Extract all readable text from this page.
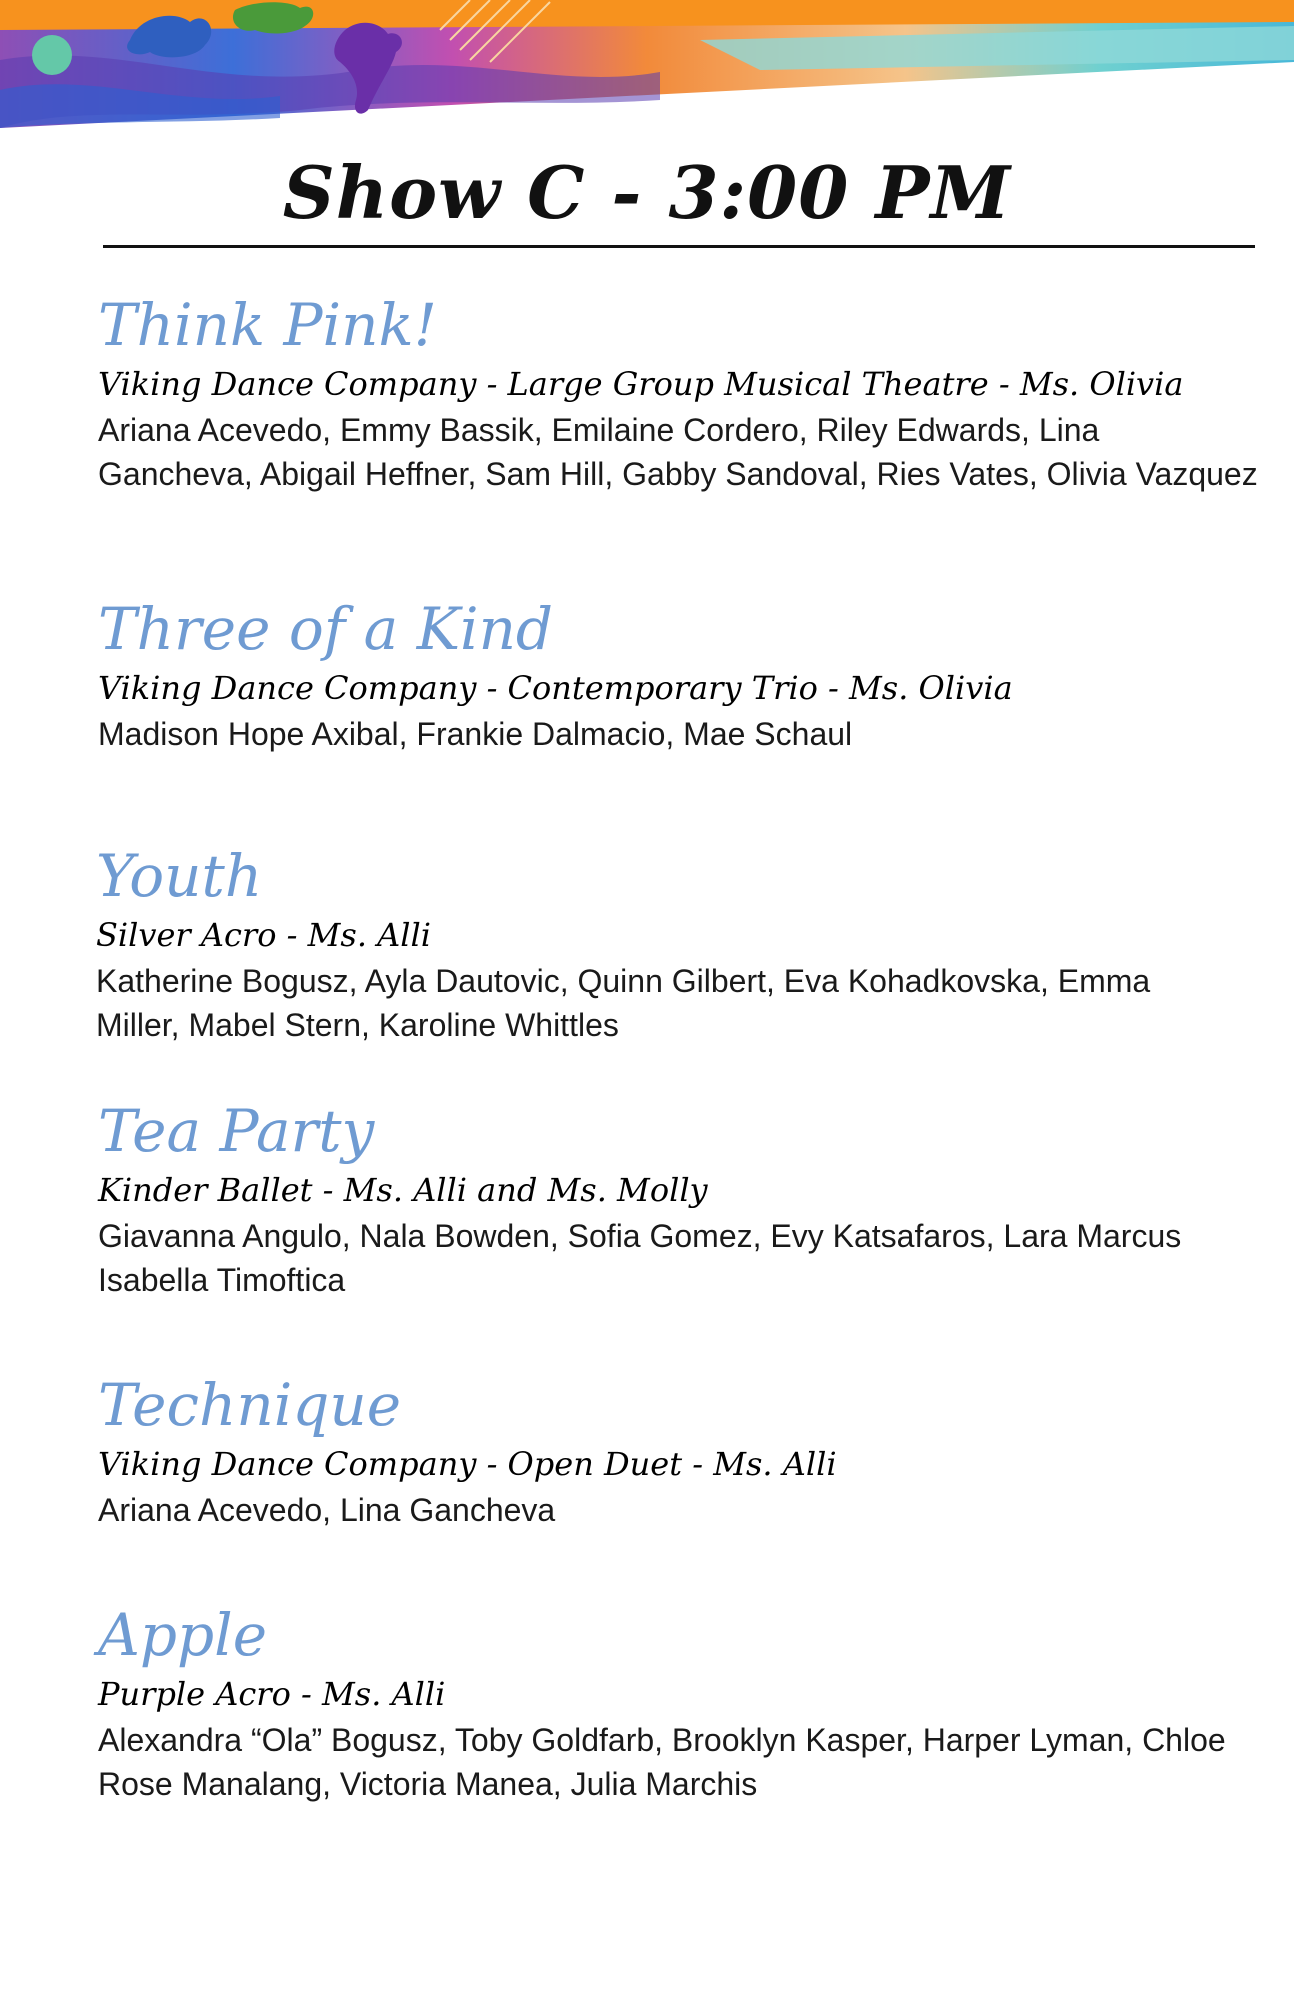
Show C - 3:00 PM
Think Pink!
Viking Dance Company - Large Group Musical Theatre - Ms. Olivia

Ariana Acevedo, Emmy Bassik, Emilaine Cordero, Riley Edwards, Lina Gancheva, Abigail Heffner, Sam Hill, Gabby Sandoval, Ries Vates, Olivia Vazquez

Three of a Kind
Viking Dance Company - Contemporary Trio - Ms. Olivia

Madison Hope Axibal, Frankie Dalmacio, Mae Schaul

Youth
Silver Acro - Ms. Alli

Katherine Bogusz, Ayla Dautovic, Quinn Gilbert, Eva Kohadkovska, Emma

Miller, Mabel Stern, Karoline Whittles

Tea Party
Kinder Ballet - Ms. Alli and Ms. Molly

Giavanna Angulo, Nala Bowden, Sofia Gomez, Evy Katsafaros, Lara Marcus

Isabella Timoftica

Technique
Viking Dance Company - Open Duet - Ms. Alli

Ariana Acevedo, Lina Gancheva

Apple
Purple Acro - Ms. Alli

Alexandra “Ola” Bogusz, Toby Goldfarb, Brooklyn Kasper, Harper Lyman, Chloe Rose Manalang, Victoria Manea, Julia Marchis
